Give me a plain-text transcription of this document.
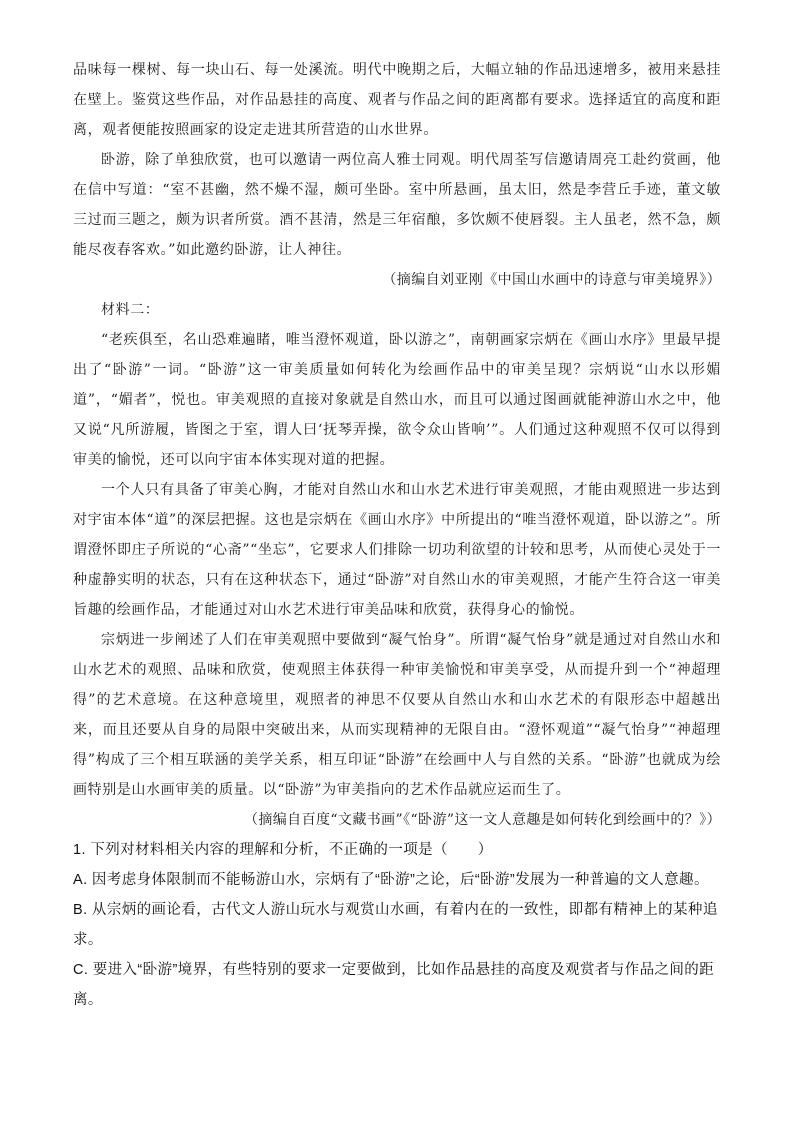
品味每一棵树、每一块山石、每一处溪流。明代中晚期之后，大幅立轴的作品迅速增多，被用来悬挂在壁上。鉴赏这些作品，对作品悬挂的高度、观者与作品之间的距离都有要求。选择适宜的高度和距离，观者便能按照画家的设定走进其所营造的山水世界。

卧游，除了单独欣赏，也可以邀请一两位高人雅士同观。明代周荃写信邀请周亮工赴约赏画，他在信中写道：“室不甚幽，然不燥不湿，颇可坐卧。室中所悬画，虽太旧，然是李营丘手迹，董文敏三过而三题之，颇为识者所赏。酒不甚清，然是三年宿酿，多饮颇不使唇裂。主人虽老，然不急，颇能尽夜春客欢。”如此邀约卧游，让人神往。

（摘编自刘亚刚《中国山水画中的诗意与审美境界》）

材料二：

“老疾俱至，名山恐难遍睹，唯当澄怀观道，卧以游之”，南朝画家宗炳在《画山水序》里最早提出了“卧游”一词。“卧游”这一审美质量如何转化为绘画作品中的审美呈现？宗炳说“山水以形媚道”，“媚者”，悦也。审美观照的直接对象就是自然山水，而且可以通过图画就能神游山水之中，他又说“凡所游履，皆图之于室，谓人曰‘抚琴弄操，欲令众山皆响’”。人们通过这种观照不仅可以得到审美的愉悦，还可以向宇宙本体实现对道的把握。

一个人只有具备了审美心胸，才能对自然山水和山水艺术进行审美观照，才能由观照进一步达到对宇宙本体“道”的深层把握。这也是宗炳在《画山水序》中所提出的“唯当澄怀观道，卧以游之”。所谓澄怀即庄子所说的“心斋”“坐忘”，它要求人们排除一切功利欲望的计较和思考，从而使心灵处于一种虚静实明的状态，只有在这种状态下，通过“卧游”对自然山水的审美观照，才能产生符合这一审美旨趣的绘画作品，才能通过对山水艺术进行审美品味和欣赏，获得身心的愉悦。

宗炳进一步阐述了人们在审美观照中要做到“凝气怡身”。所谓“凝气怡身”就是通过对自然山水和山水艺术的观照、品味和欣赏，使观照主体获得一种审美愉悦和审美享受，从而提升到一个“神超理得”的艺术意境。在这种意境里，观照者的神思不仅要从自然山水和山水艺术的有限形态中超越出来，而且还要从自身的局限中突破出来，从而实现精神的无限自由。“澄怀观道”“凝气怡身”“神超理得”构成了三个相互联涵的美学关系，相互印证“卧游”在绘画中人与自然的关系。“卧游”也就成为绘画特别是山水画审美的质量。以“卧游”为审美指向的艺术作品就应运而生了。

（摘编自百度“文藏书画”《“卧游”这一文人意趣是如何转化到绘画中的？》）

1. 下列对材料相关内容的理解和分析，不正确的一项是（　　）

A. 因考虑身体限制而不能畅游山水，宗炳有了“卧游”之论，后“卧游”发展为一种普遍的文人意趣。

B. 从宗炳的画论看，古代文人游山玩水与观赏山水画，有着内在的一致性，即都有精神上的某种追求。

C. 要进入“卧游”境界，有些特别的要求一定要做到，比如作品悬挂的高度及观赏者与作品之间的距离。
